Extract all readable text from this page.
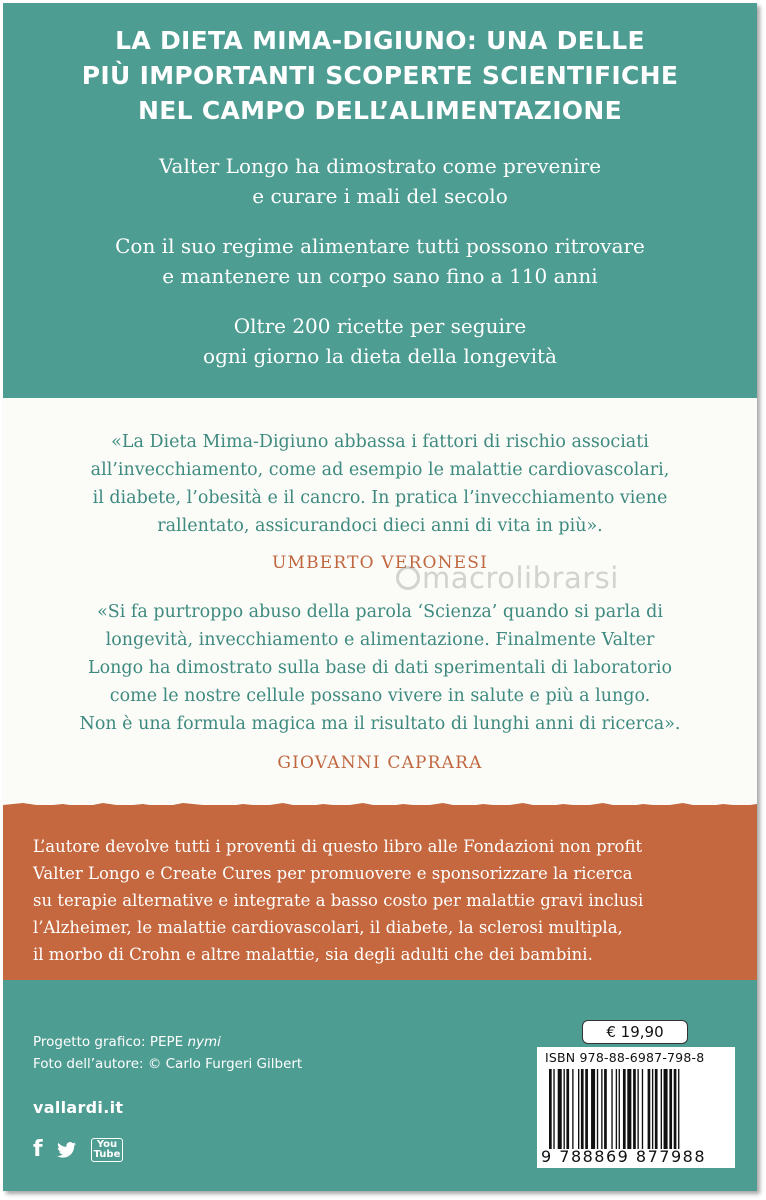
LA DIETA MIMA-DIGIUNO: UNA DELLE
PIÙ IMPORTANTI SCOPERTE SCIENTIFICHE
NEL CAMPO DELL’ALIMENTAZIONE
Valter Longo ha dimostrato come prevenire
e curare i mali del secolo
Con il suo regime alimentare tutti possono ritrovare
e mantenere un corpo sano fino a 110 anni
Oltre 200 ricette per seguire
ogni giorno la dieta della longevità
«La Dieta Mima-Digiuno abbassa i fattori di rischio associati
all’invecchiamento, come ad esempio le malattie cardiovascolari,
il diabete, l’obesità e il cancro. In pratica l’invecchiamento viene
rallentato, assicurandoci dieci anni di vita in più».
UMBERTO VERONESI
macrolibrarsi
«Si fa purtroppo abuso della parola ‘Scienza’ quando si parla di
longevità, invecchiamento e alimentazione. Finalmente Valter
Longo ha dimostrato sulla base di dati sperimentali di laboratorio
come le nostre cellule possano vivere in salute e più a lungo.
Non è una formula magica ma il risultato di lunghi anni di ricerca».
GIOVANNI CAPRARA
L’autore devolve tutti i proventi di questo libro alle Fondazioni non profit
Valter Longo e Create Cures per promuovere e sponsorizzare la ricerca
su terapie alternative e integrate a basso costo per malattie gravi inclusi
l’Alzheimer, le malattie cardiovascolari, il diabete, la sclerosi multipla,
il morbo di Crohn e altre malattie, sia degli adulti che dei bambini.
Progetto grafico: PEPE nymi
Foto dell’autore: © Carlo Furgeri Gilbert
vallardi.it
f	You
Tube
€ 19,90
ISBN 978-88-6987-798-8
9 788869 877988
